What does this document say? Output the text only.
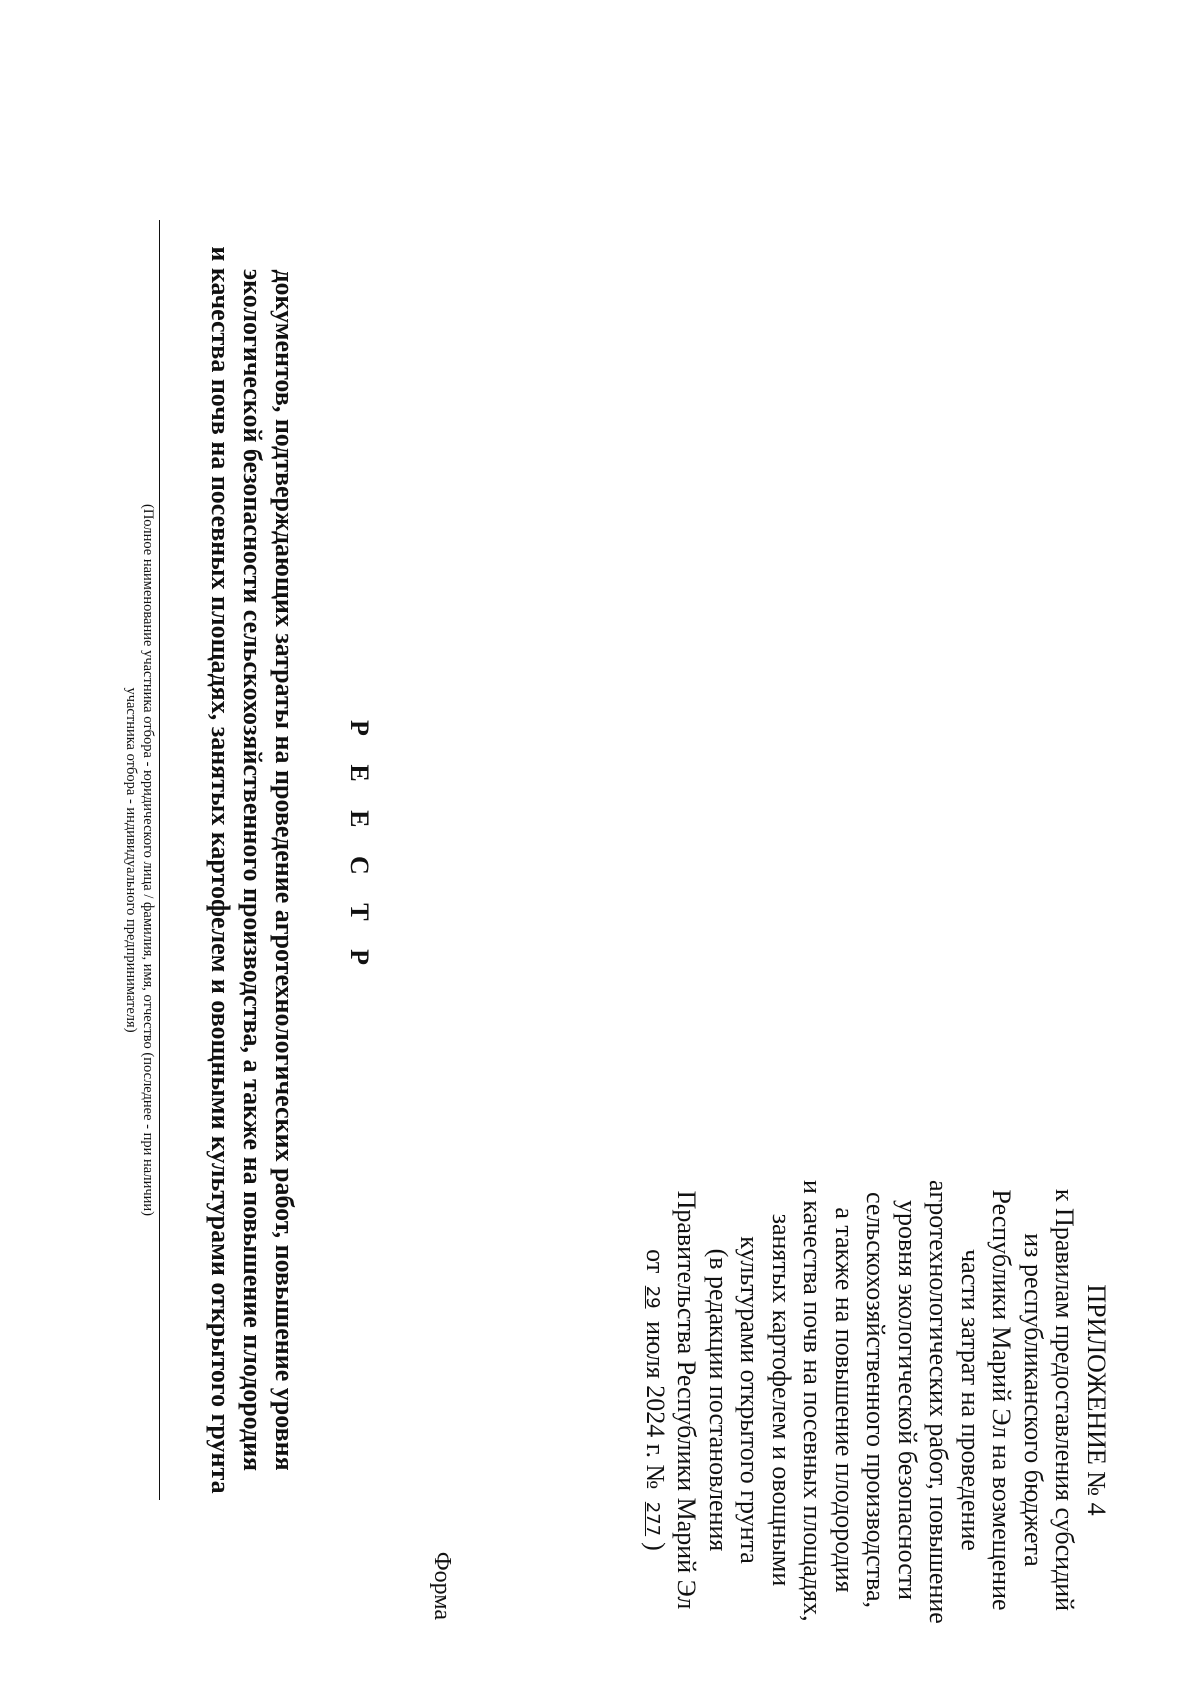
ПРИЛОЖЕНИЕ № 4
к Правилам предоставления субсидий
из республиканского бюджета
Республики Марий Эл на возмещение
части затрат на проведение
агротехнологических работ, повышение
уровня экологической безопасности
сельскохозяйственного производства,
а также на повышение плодородия
и качества почв на посевных площадях,
занятых картофелем и овощными
культурами открытого грунта
(в редакции постановления
Правительства Республики Марий Эл
от 29 июля 2024 г. № 277)
Форма
Р Е Е С Т Р
документов, подтверждающих затраты на проведение агротехнологических работ, повышение уровня
экологической безопасности сельскохозяйственного производства, а также на повышение плодородия
и качества почв на посевных площадях, занятых картофелем и овощными культурами открытого грунта
(Полное наименование участника отбора - юридического лица / фамилия, имя, отчество (последнее - при наличии)
участника отбора - индивидуального предпринимателя)
